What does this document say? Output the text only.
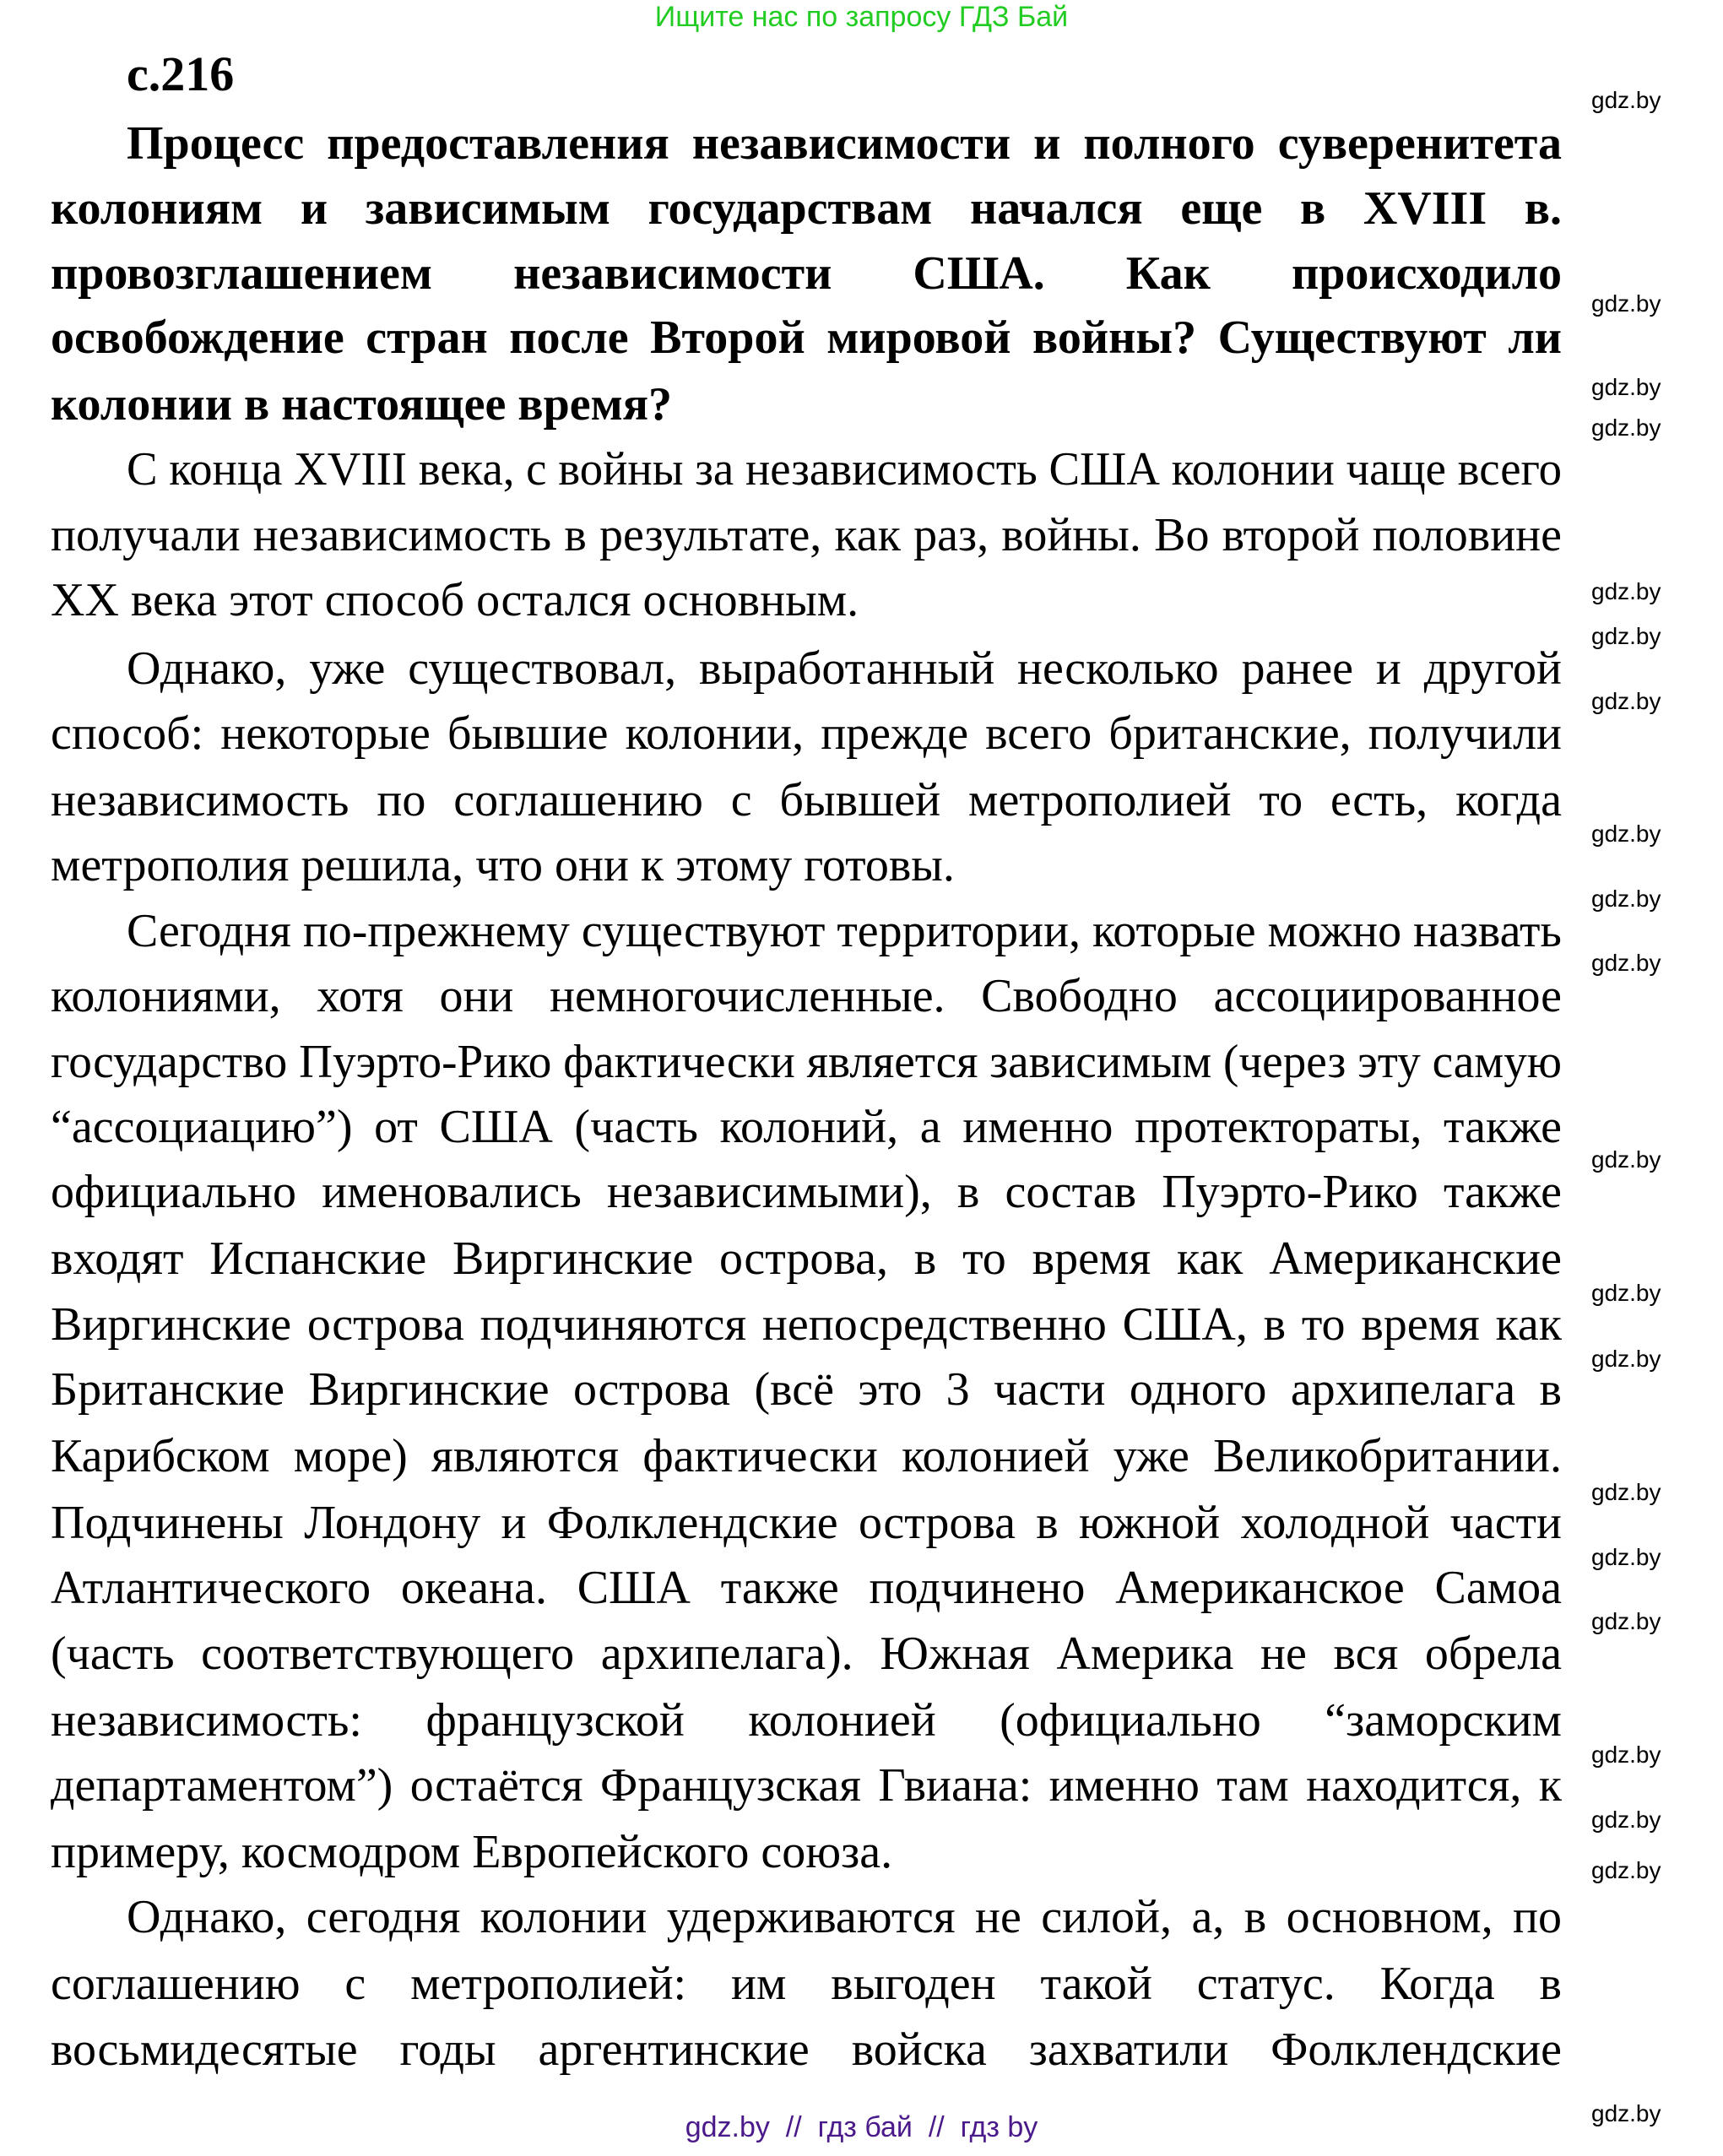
Ищите нас по запросу ГДЗ Бай
с.216
Процесс предоставления независимости и полного суверенитета
колониям и зависимым государствам начался еще в XVIII в.
провозглашением независимости США. Как происходило
освобождение стран после Второй мировой войны? Существуют ли
колонии в настоящее время?
С конца XVIII века, с войны за независимость США колонии чаще всего
получали независимость в результате, как раз, войны. Во второй половине
XX века этот способ остался основным.
Однако, уже существовал, выработанный несколько ранее и другой
способ: некоторые бывшие колонии, прежде всего британские, получили
независимость по соглашению с бывшей метрополией то есть, когда
метрополия решила, что они к этому готовы.
Сегодня по-прежнему существуют территории, которые можно назвать
колониями, хотя они немногочисленные. Свободно ассоциированное
государство Пуэрто-Рико фактически является зависимым (через эту самую
“ассоциацию”) от США (часть колоний, а именно протектораты, также
официально именовались независимыми), в состав Пуэрто-Рико также
входят Испанские Виргинские острова, в то время как Американские
Виргинские острова подчиняются непосредственно США, в то время как
Британские Виргинские острова (всё это 3 части одного архипелага в
Карибском море) являются фактически колонией уже Великобритании.
Подчинены Лондону и Фолклендские острова в южной холодной части
Атлантического океана. США также подчинено Американское Самоа
(часть соответствующего архипелага). Южная Америка не вся обрела
независимость: французской колонией (официально “заморским
департаментом”) остаётся Французская Гвиана: именно там находится, к
примеру, космодром Европейского союза.
Однако, сегодня колонии удерживаются не силой, а, в основном, по
соглашению с метрополией: им выгоден такой статус. Когда в
восьмидесятые годы аргентинские войска захватили Фолклендские
gdz.by
gdz.by
gdz.by
gdz.by
gdz.by
gdz.by
gdz.by
gdz.by
gdz.by
gdz.by
gdz.by
gdz.by
gdz.by
gdz.by
gdz.by
gdz.by
gdz.by
gdz.by
gdz.by
gdz.by
gdz.by  //  гдз бай  //  гдз by
